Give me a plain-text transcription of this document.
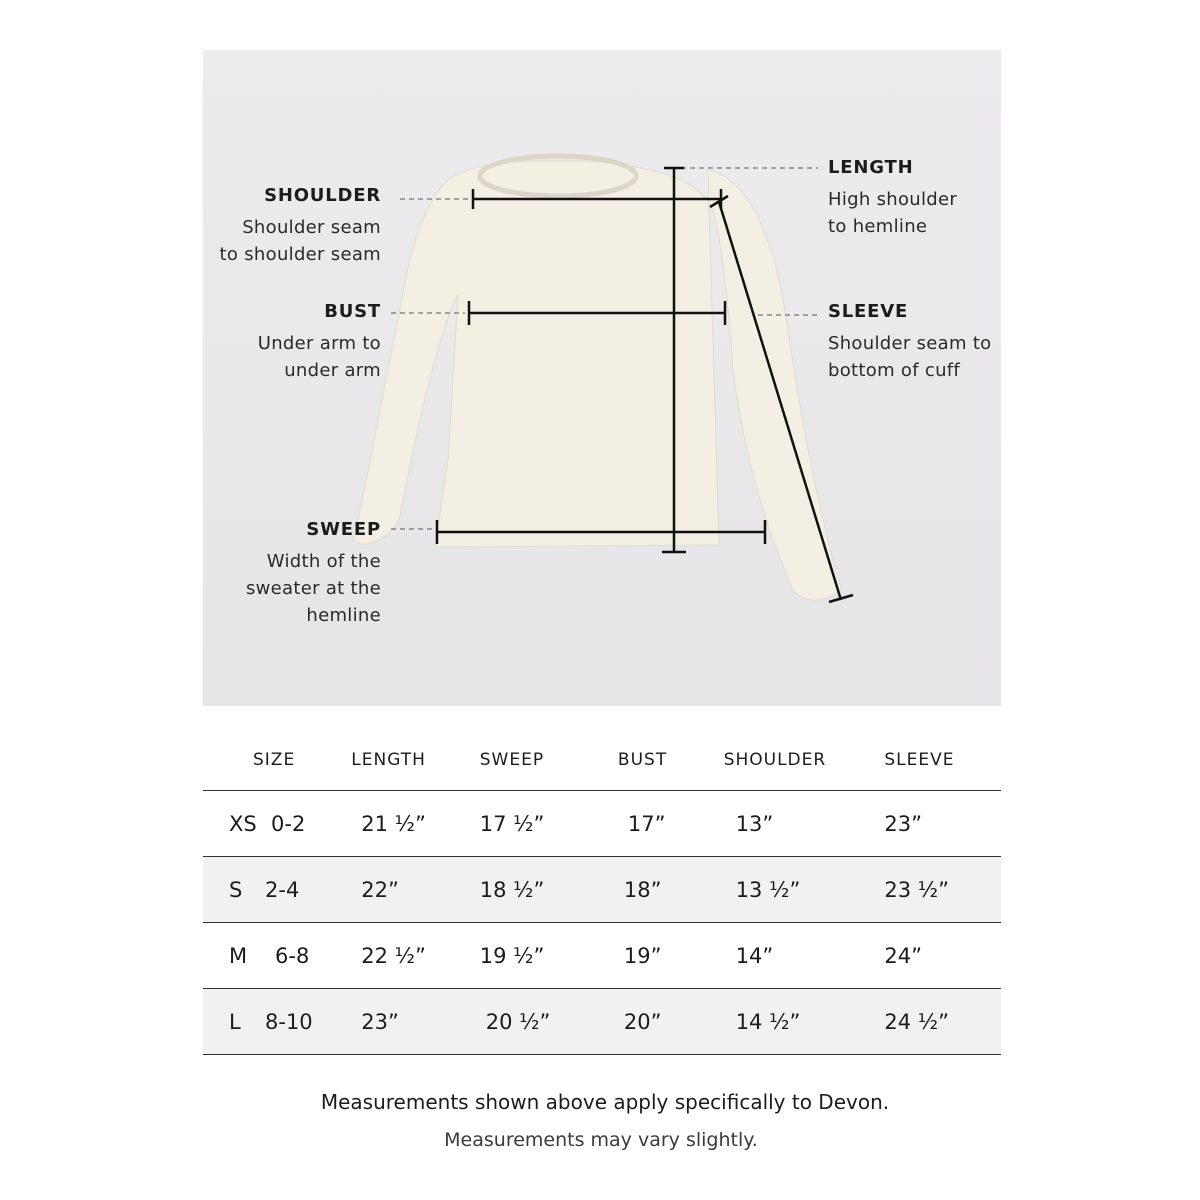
SHOULDER
Shoulder seam
to shoulder seam
BUST
Under arm to
under arm
SWEEP
Width of the
sweater at the
hemline
LENGTH
High shoulder
to hemline
SLEEVE
Shoulder seam to
bottom of cuff
SIZE	LENGTH	SWEEP	BUST	SHOULDER	SLEEVE

XS 0-2	21 ½”	17 ½”	17”	13”	23”

S 2-4	22”	18 ½”	18”	13 ½”	23 ½”

M 6-8	22 ½”	19 ½”	19”	14”	24”

L 8-10	23”	20 ½”	20”	14 ½”	24 ½”
Measurements shown above apply specifically to Devon.
Measurements may vary slightly.
